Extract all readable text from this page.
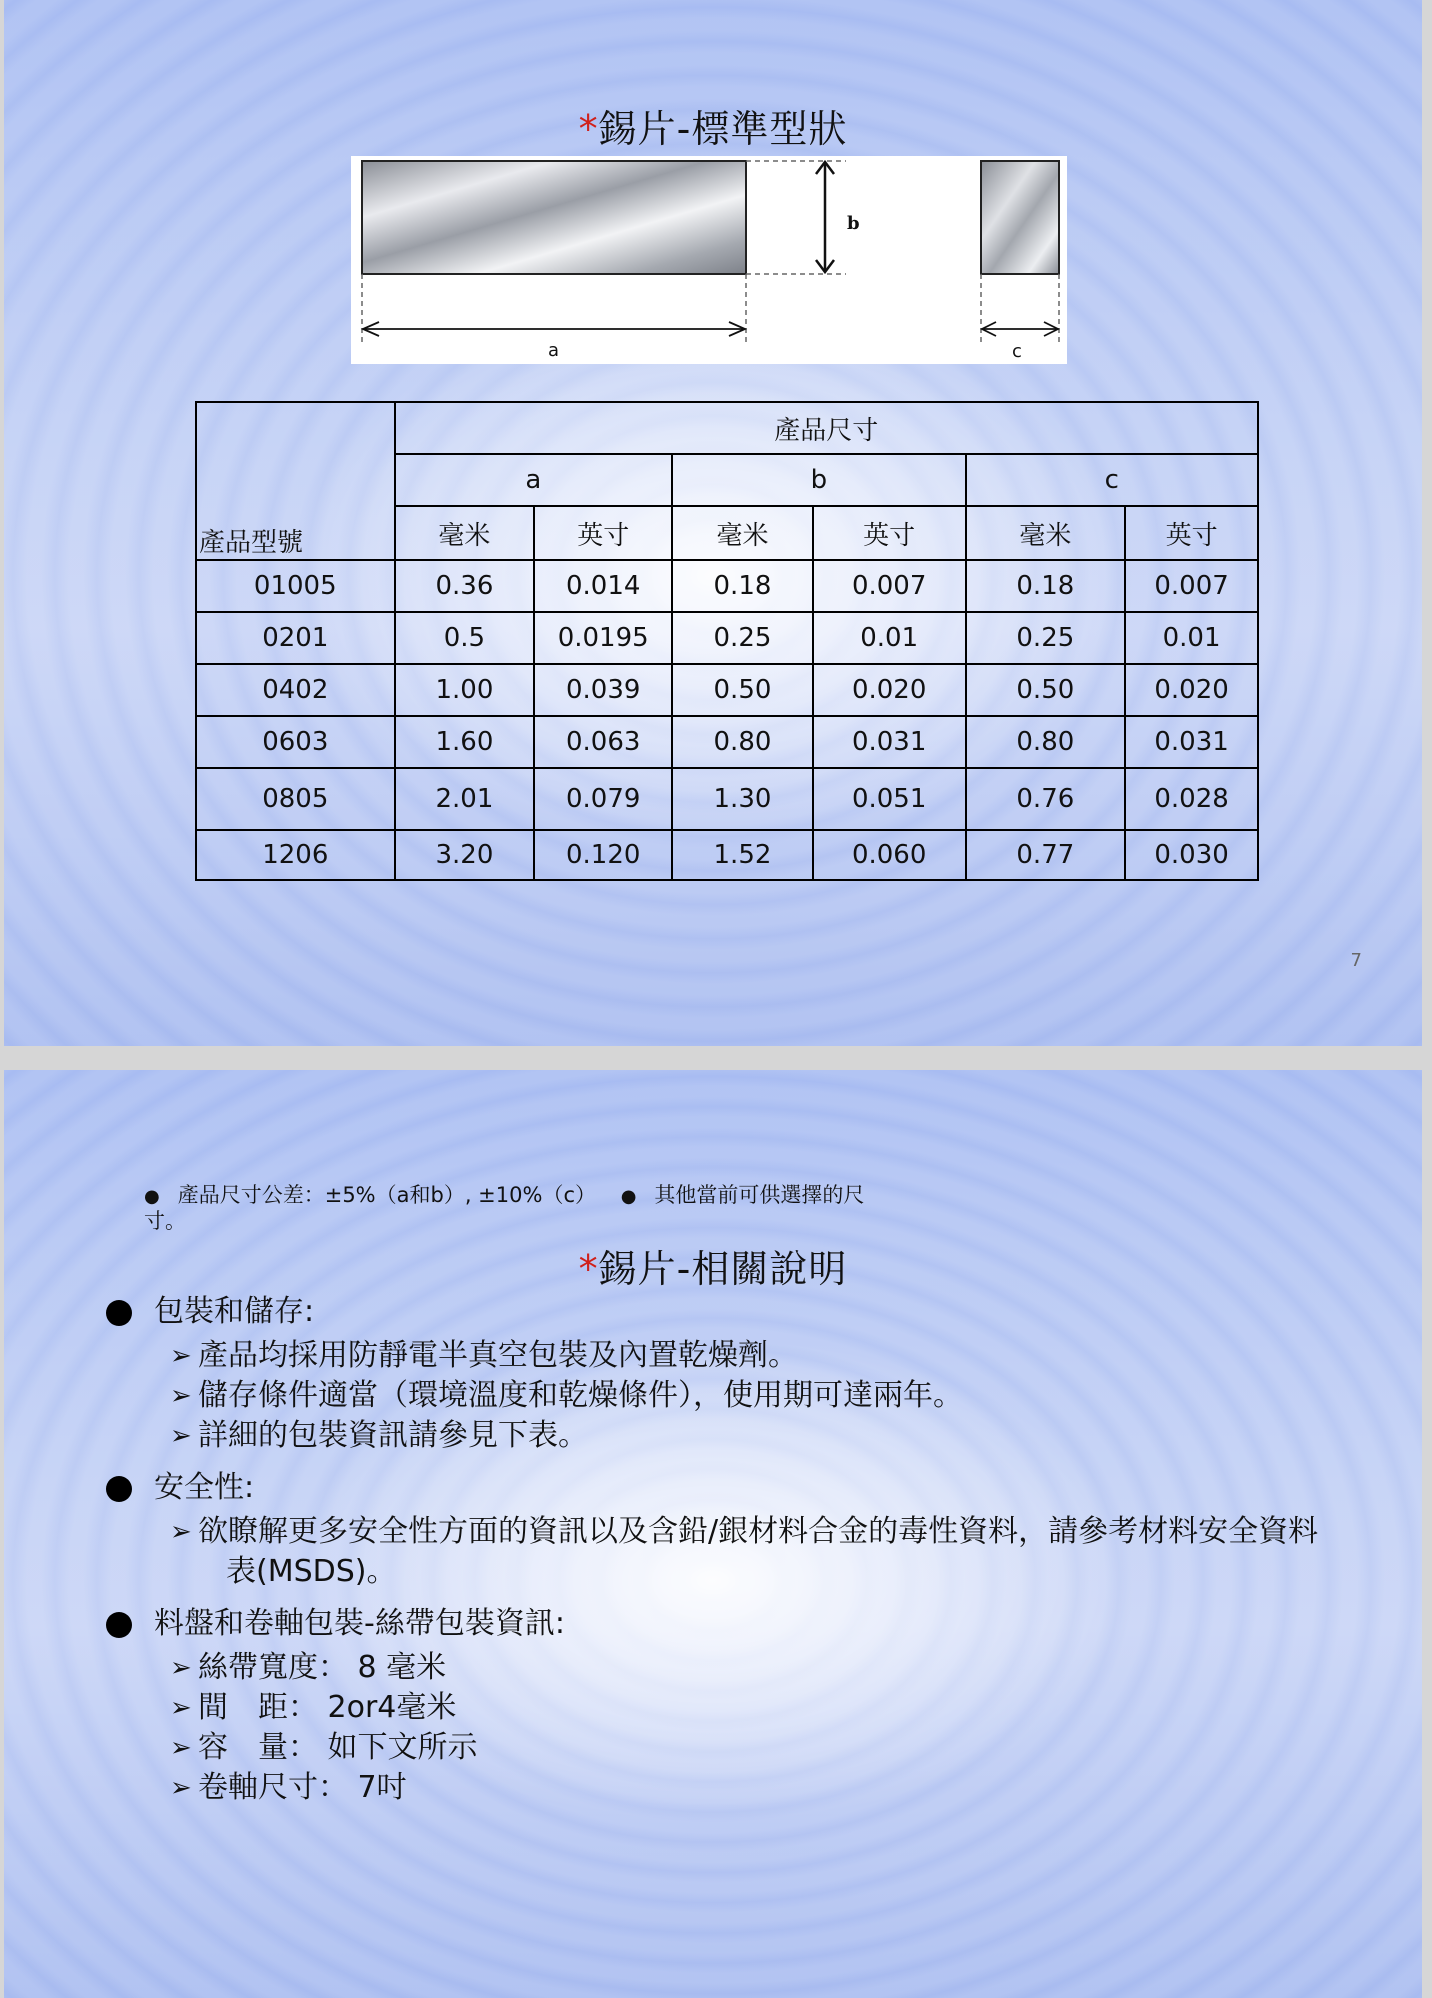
*錫片-標準型狀
b
a	c
產品型號	產品尺寸					
	a		b		c	
	毫米	英寸	毫米	英寸	毫米	英寸
01005	0.36	0.014	0.18	0.007	0.18	0.007
0201	0.5	0.0195	0.25	0.01	0.25	0.01
0402	1.00	0.039	0.50	0.020	0.50	0.020
0603	1.60	0.063	0.80	0.031	0.80	0.031
0805	2.01	0.079	1.30	0.051	0.76	0.028
1206	3.20	0.120	1.52	0.060	0.77	0.030
7
● 產品尺寸公差：±5%（a和b）, ±10%（c） ● 其他當前可供選擇的尺寸。
*錫片-相關說明
包裝和儲存:
➢ 產品均採用防靜電半真空包裝及內置乾燥劑。
➢ 儲存條件適當（環境溫度和乾燥條件），使用期可達兩年。
➢ 詳細的包裝資訊請參見下表。
安全性:
➢ 欲瞭解更多安全性方面的資訊以及含鉛/銀材料合金的毒性資料，請參考材料安全資料
表(MSDS)。
料盤和卷軸包裝-絲帶包裝資訊:
➢ 絲帶寬度： 8 毫米
➢ 間　距： 2or4毫米
➢ 容　量： 如下文所示
➢ 卷軸尺寸： 7吋
